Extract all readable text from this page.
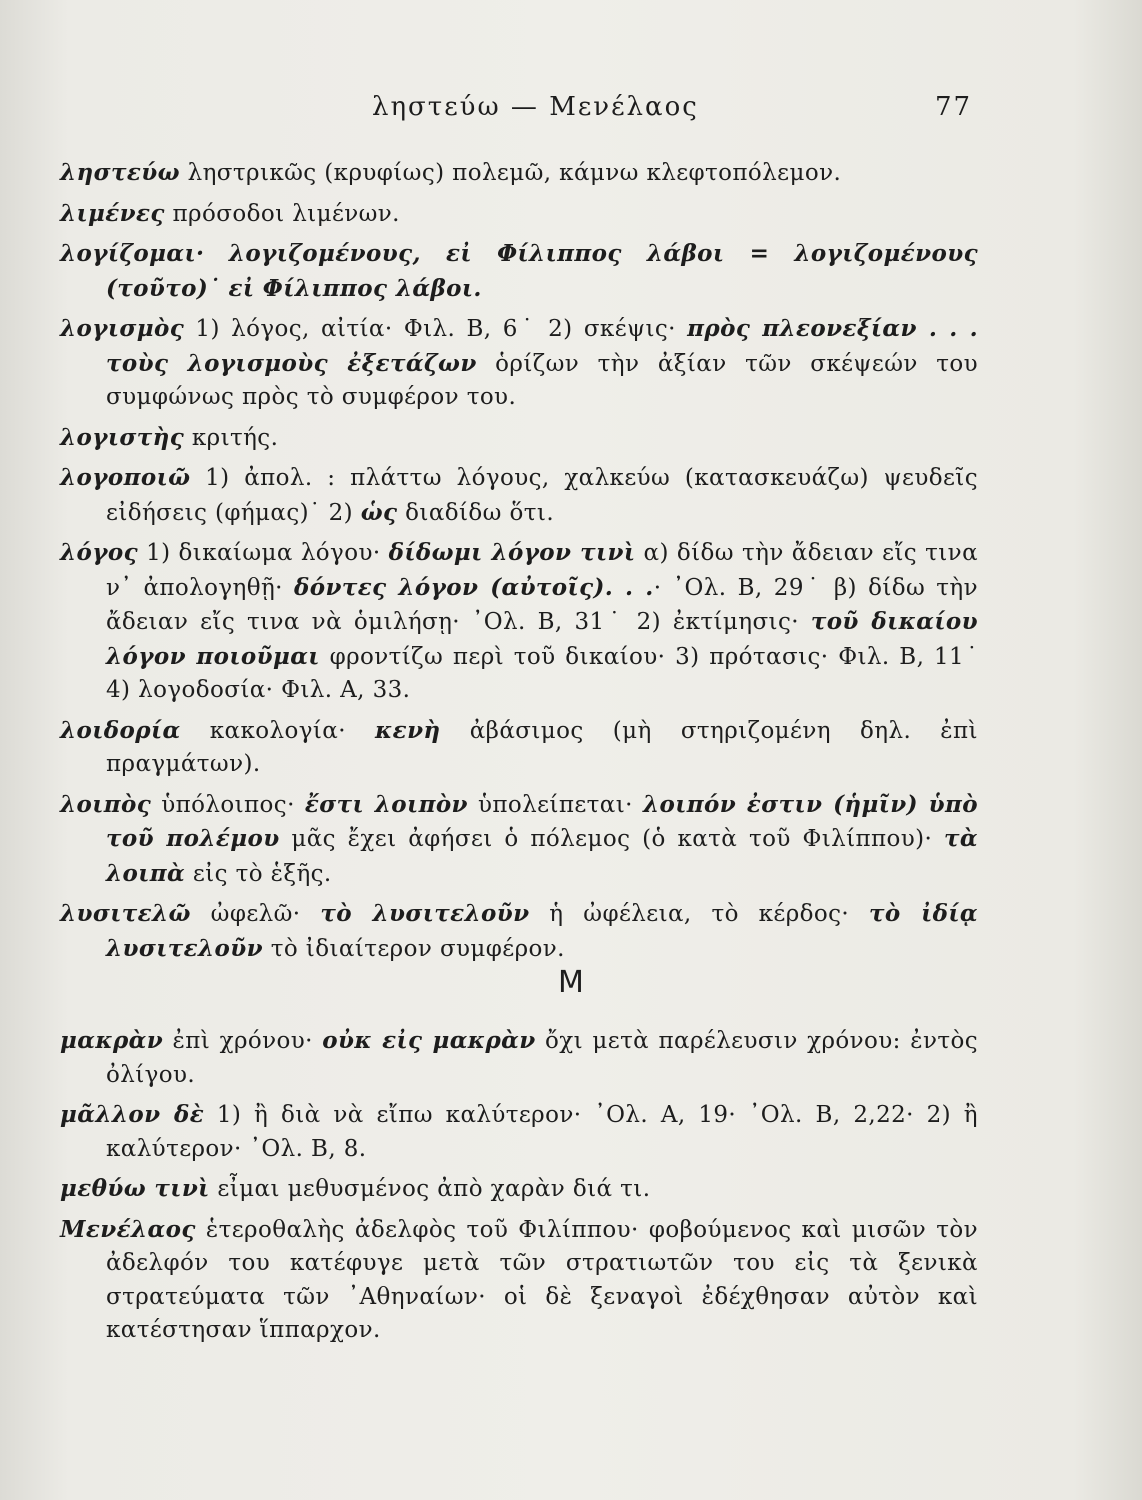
ληστεύω — Μενέλαος	77

ληστεύω ληστρικῶς (κρυφίως) πολεμῶ, κάμνω κλεφτοπόλεμον.

λιμένες πρόσοδοι λιμένων.

λογίζομαι· λογιζομένους, εἰ Φίλιππος λάβοι = λογιζομένους (τοῦτο)˙ εἰ Φίλιππος λάβοι.

λογισμὸς 1) λόγος, αἰτία· Φιλ. Β, 6˙ 2) σκέψις· πρὸς πλεονεξίαν . . . τοὺς λογισμοὺς ἐξετάζων ὁρίζων τὴν ἀξίαν τῶν σκέψεών του συμφώνως πρὸς τὸ συμφέρον του.

λογιστὴς κριτής.

λογοποιῶ 1) ἀπολ. : πλάττω λόγους, χαλκεύω (κατασκευάζω) ψευδεῖς εἰδήσεις (φήμας)˙ 2) ὡς διαδίδω ὅτι.

λόγος 1) δικαίωμα λόγου· δίδωμι λόγον τινὶ α) δίδω τὴν ἄδειαν εἴς τινα ν᾽ ἀπολογηθῇ· δόντες λόγον (αὐτοῖς). . .· ᾽Ολ. Β, 29˙ β) δίδω τὴν ἄδειαν εἴς τινα νὰ ὁμιλήσῃ· ᾽Ολ. Β, 31˙ 2) ἐκτίμησις· τοῦ δικαίου λόγον ποιοῦμαι φροντίζω περὶ τοῦ δικαίου· 3) πρότασις· Φιλ. Β, 11˙ 4) λογοδοσία· Φιλ. Α, 33.

λοιδορία κακολογία· κενὴ ἀβάσιμος (μὴ στηριζομένη δηλ. ἐπὶ πραγμάτων).

λοιπὸς ὑπόλοιπος· ἔστι λοιπὸν ὑπολείπεται· λοιπόν ἐστιν (ἡμῖν) ὑπὸ τοῦ πολέμου μᾶς ἔχει ἀφήσει ὁ πόλεμος (ὁ κατὰ τοῦ Φιλίππου)· τὰ λοιπὰ εἰς τὸ ἑξῆς.

λυσιτελῶ ὠφελῶ· τὸ λυσιτελοῦν ἡ ὠφέλεια, τὸ κέρδος· τὸ ἰδίᾳ λυσιτελοῦν τὸ ἰδιαίτερον συμφέρον.

M

μακρὰν ἐπὶ χρόνου· οὐκ εἰς μακρὰν ὄχι μετὰ παρέλευσιν χρόνου: ἐντὸς ὀλίγου.

μᾶλλον δὲ 1) ἢ διὰ νὰ εἴπω καλύτερον· ᾽Ολ. Α, 19· ᾽Ολ. Β, 2,22· 2) ἢ καλύτερον· ᾽Ολ. Β, 8.

μεθύω τινὶ εἶμαι μεθυσμένος ἀπὸ χαρὰν διά τι.

Μενέλαος ἑτεροθαλὴς ἀδελφὸς τοῦ Φιλίππου· φοβούμενος καὶ μισῶν τὸν ἀδελφόν του κατέφυγε μετὰ τῶν στρατιωτῶν του εἰς τὰ ξενικὰ στρατεύματα τῶν ᾽Αθηναίων· οἱ δὲ ξεναγοὶ ἐδέχθησαν αὐτὸν καὶ κατέστησαν ἵππαρχον.
